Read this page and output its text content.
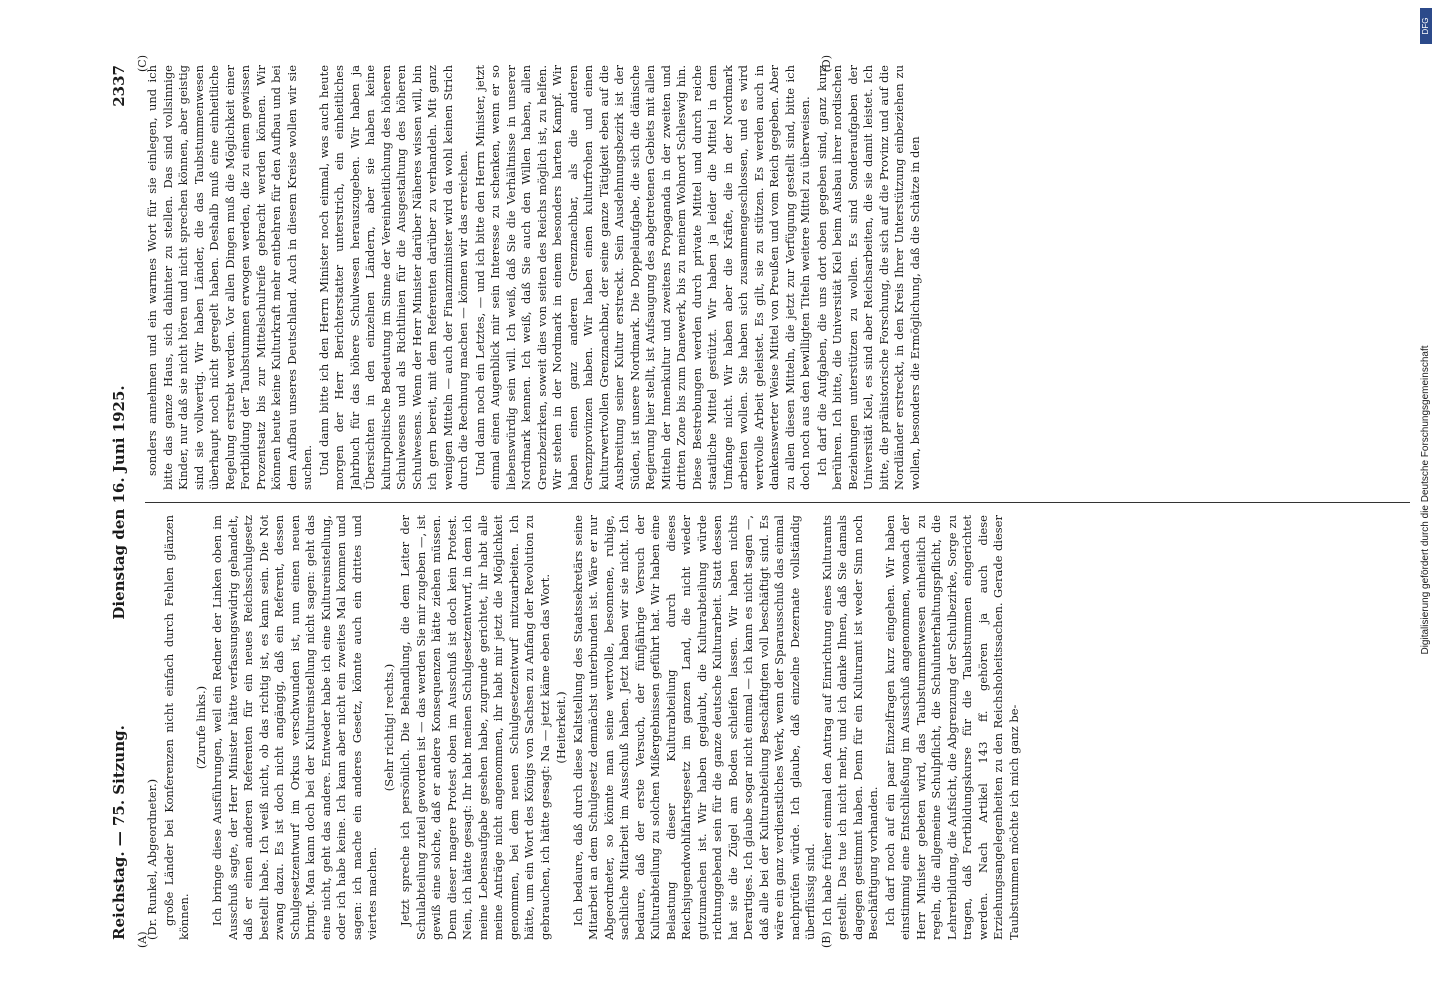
Reichstag. — 75. Sitzung.
Dienstag den 16. Juni 1925.
2337

(Dr. Runkel, Abgeordneter.) große Länder bei Konferenzen nicht einfach durch Fehlen glänzen können.

(Zurufe links.) Ich bringe diese Ausführungen, weil ein Redner der Linken oben im Ausschuß sagte, der Herr Minister hätte verfassungswidrig gehandelt, daß er einen anderen Referenten für ein neues Reichsschulgesetz bestellt habe. Ich weiß nicht, ob das richtig ist, es kann sein. Die Not zwang dazu. Es ist doch nicht angängig, daß ein Referent, dessen Schulgesetzentwurf im Orkus verschwunden ist, nun einen neuen bringt. Man kann doch bei der Kultureinstellung nicht sagen: geht das eine nicht, geht das andere. Entweder habe ich eine Kultureinstellung, oder ich habe keine. Ich kann aber nicht ein zweites Mal kommen und sagen: ich mache ein anderes Gesetz, könnte auch ein drittes und viertes machen.

(Sehr richtig! rechts.) Jetzt spreche ich persönlich. Die Behandlung, die dem Leiter der Schulabteilung zuteil geworden ist — das werden Sie mir zugeben —, ist gewiß eine solche, daß er andere Konsequenzen hätte ziehen müssen. Denn dieser magere Protest oben im Ausschuß ist doch kein Protest. Nein, ich hätte gesagt: Ihr habt meinen Schulgesetzentwurf, in dem ich meine Lebensaufgabe gesehen habe, zugrunde gerichtet, ihr habt alle meine Anträge nicht angenommen, ihr habt mir jetzt die Möglichkeit genommen, bei dem neuen Schulgesetzentwurf mitzuarbeiten. Ich hätte, um ein Wort des Königs von Sachsen zu Anfang der Revolution zu gebrauchen, ich hätte gesagt: Na — jetzt käme eben das Wort. (Heiterkeit.) Ich bedaure, daß durch diese Kaltstellung des Staatssekretärs seine Mitarbeit an dem Schulgesetz demnächst unterbunden ist. Wäre er nur Abgeordneter, so könnte man seine wertvolle, besonnene, ruhige, sachliche Mitarbeit im Ausschuß haben. Jetzt haben wir sie nicht. Ich bedaure, daß der erste Versuch, der fünfjährige Versuch der Kulturabteilung zu solchen Mißergebnissen geführt hat. Wir haben eine Belastung dieser Kulturabteilung durch dieses Reichsjugendwohlfahrtsgesetz im ganzen Land, die nicht wieder gutzumachen ist. Wir haben geglaubt, die Kulturabteilung würde richtunggebend sein für die ganze deutsche Kulturarbeit. Statt dessen hat sie die Zügel am Boden schleifen lassen. Wir haben nichts Derartiges. Ich glaube sogar nicht einmal — ich kann es nicht sagen —, daß alle bei der Kulturabteilung Beschäftigten voll beschäftigt sind. Es wäre ein ganz verdienstliches Werk, wenn der Sparausschuß das einmal nachprüfen würde. Ich glaube, daß einzelne Dezernate vollständig überflüssig sind. Ich habe früher einmal den Antrag auf Einrichtung eines Kulturamts gestellt. Das tue ich nicht mehr, und ich danke Ihnen, daß Sie damals dagegen gestimmt haben. Denn für ein Kulturamt ist weder Sinn noch Beschäftigung vorhanden. Ich darf noch auf ein paar Einzelfragen kurz eingehen. Wir haben einstimmig eine Entschließung im Ausschuß angenommen, wonach der Herr Minister gebeten wird, das Taubstummenwesen einheitlich zu regeln, die allgemeine Schulpflicht, die Schulunterhaltungspflicht, die Lehrerbildung, die Aufsicht, die Abgrenzung der Schulbezirke, Sorge zu tragen, daß Fortbildungskurse für die Taubstummen eingerichtet werden. Nach Artikel 143 ff. gehören ja auch diese Erziehungsangelegenheiten zu den Reichshoheitssachen. Gerade dieser Taubstummen möchte ich mich ganz be-

sonders annehmen und ein warmes Wort für sie einlegen, und ich bitte das ganze Haus, sich dahinter zu stellen. Das sind vollsinnige Kinder, nur daß sie nicht hören und nicht sprechen können, aber geistig sind sie vollwertig. Wir haben Länder, die das Taubstummenwesen überhaupt noch nicht geregelt haben. Deshalb muß eine einheitliche Regelung erstrebt werden. Vor allen Dingen muß die Möglichkeit einer Fortbildung der Taubstummen erwogen werden, die zu einem gewissen Prozentsatz bis zur Mittelschulreife gebracht werden können. Wir können heute keine Kulturkraft mehr entbehren für den Aufbau und bei dem Aufbau unseres Deutschland. Auch in diesem Kreise wollen wir sie suchen. Und dann bitte ich den Herrn Minister noch einmal, was auch heute morgen der Herr Berichterstatter unterstrich, ein einheitliches Jahrbuch für das höhere Schulwesen herauszugeben. Wir haben ja Übersichten in den einzelnen Ländern, aber sie haben keine kulturpolitische Bedeutung im Sinne der Vereinheitlichung des höheren Schulwesens und als Richtlinien für die Ausgestaltung des höheren Schulwesens. Wenn der Herr Minister darüber Näheres wissen will, bin ich gern bereit, mit dem Referenten darüber zu verhandeln. Mit ganz wenigen Mitteln — auch der Finanzminister wird da wohl keinen Strich durch die Rechnung machen — können wir das erreichen. Und dann noch ein Letztes, — und ich bitte den Herrn Minister, jetzt einmal einen Augenblick mir sein Interesse zu schenken, wenn er so liebenswürdig sein will. Ich weiß, daß Sie die Verhältnisse in unserer Nordmark kennen. Ich weiß, daß Sie auch den Willen haben, allen Grenzbezirken, soweit dies von seiten des Reichs möglich ist, zu helfen. Wir stehen in der Nordmark in einem besonders harten Kampf. Wir haben einen ganz anderen Grenznachbar, als die anderen Grenzprovinzen haben. Wir haben einen kulturfrohen und einen kulturwertvollen Grenznachbar, der seine ganze Tätigkeit eben auf die Ausbreitung seiner Kultur erstreckt. Sein Ausdehnungsbezirk ist der Süden, ist unsere Nordmark. Die Doppelaufgabe, die sich die dänische Regierung hier stellt, ist Aufsaugung des abgetretenen Gebiets mit allen Mitteln der Innenkultur und zweitens Propaganda in der zweiten und dritten Zone bis zum Danewerk, bis zu meinem Wohnort Schleswig hin. Diese Bestrebungen werden durch private Mittel und durch reiche staatliche Mittel gestützt. Wir haben ja leider die Mittel in dem Umfange nicht. Wir haben aber die Kräfte, die in der Nordmark arbeiten wollen. Sie haben sich zusammengeschlossen, und es wird wertvolle Arbeit geleistet. Es gilt, sie zu stützen. Es werden auch in dankenswerter Weise Mittel von Preußen und vom Reich gegeben. Aber zu allen diesen Mitteln, die jetzt zur Verfügung gestellt sind, bitte ich doch noch aus den bewilligten Titeln weitere Mittel zu überweisen. Ich darf die Aufgaben, die uns dort oben gegeben sind, ganz kurz berühren. Ich bitte, die Universität Kiel beim Ausbau ihrer nordischen Beziehungen unterstützen zu wollen. Es sind Sonderaufgaben der Universität Kiel, es sind aber Reichsarbeiten, die sie damit leistet. Ich bitte, die prähistorische Forschung, die sich auf die Provinz und auf die Nordländer erstreckt, in den Kreis Ihrer Unterstützung einbeziehen zu wollen, besonders die Ermöglichung, daß die Schätze in den

(A)	(B)
(C)	(D)
Digitalisierung gefördert durch die Deutsche Forschungsgemeinschaft
DFG
